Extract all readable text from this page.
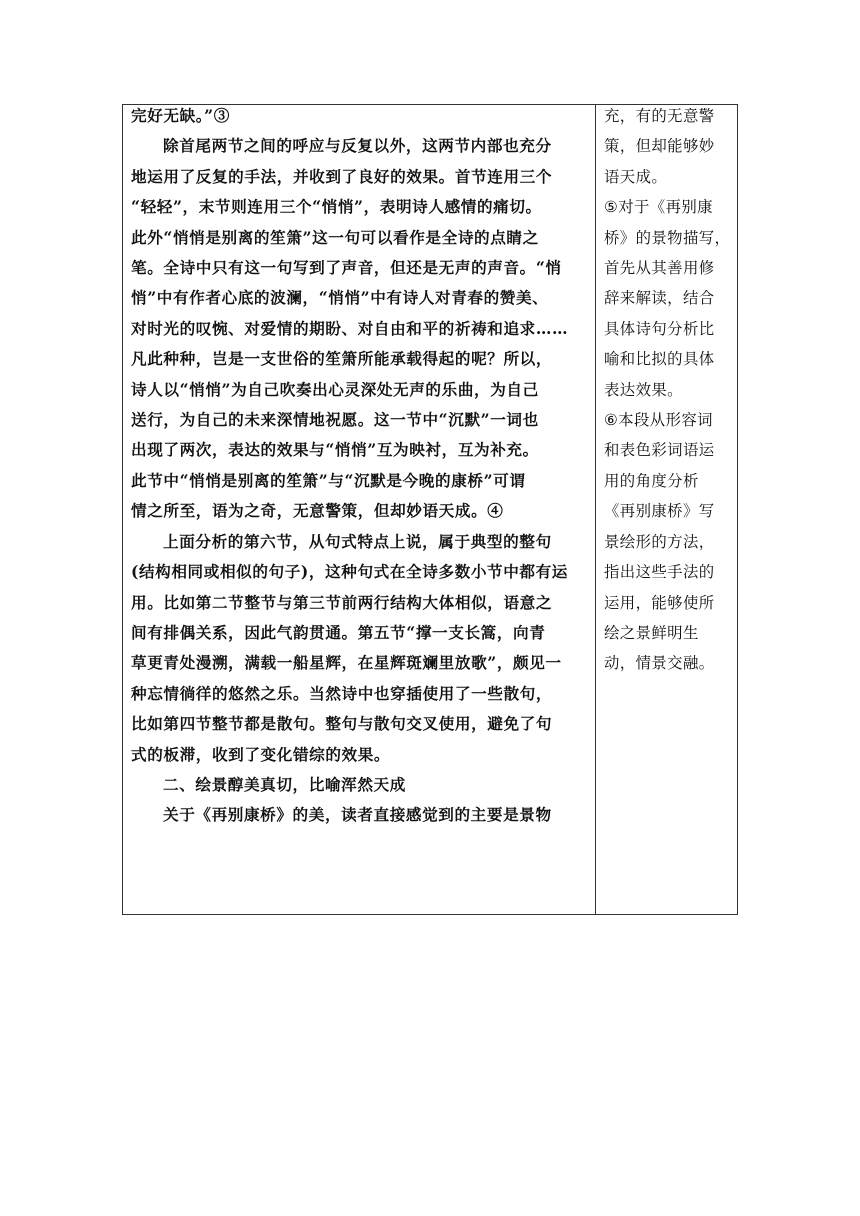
完好无缺。”③

除首尾两节之间的呼应与反复以外，这两节内部也充分

地运用了反复的手法，并收到了良好的效果。首节连用三个

“轻轻”，末节则连用三个“悄悄”，表明诗人感情的痛切。

此外“悄悄是别离的笙箫”这一句可以看作是全诗的点睛之

笔。全诗中只有这一句写到了声音，但还是无声的声音。“悄

悄”中有作者心底的波澜，“悄悄”中有诗人对青春的赞美、

对时光的叹惋、对爱情的期盼、对自由和平的祈祷和追求……

凡此种种，岂是一支世俗的笙箫所能承载得起的呢？所以，

诗人以“悄悄”为自己吹奏出心灵深处无声的乐曲，为自己

送行，为自己的未来深情地祝愿。这一节中“沉默”一词也

出现了两次，表达的效果与“悄悄”互为映衬，互为补充。

此节中“悄悄是别离的笙箫”与“沉默是今晚的康桥”可谓

情之所至，语为之奇，无意警策，但却妙语天成。④

上面分析的第六节，从句式特点上说，属于典型的整句

(结构相同或相似的句子)，这种句式在全诗多数小节中都有运

用。比如第二节整节与第三节前两行结构大体相似，语意之

间有排偶关系，因此气韵贯通。第五节“撑一支长篙，向青

草更青处漫溯，满载一船星辉，在星辉斑斓里放歌”，颇见一

种忘情徜徉的悠然之乐。当然诗中也穿插使用了一些散句，

比如第四节整节都是散句。整句与散句交叉使用，避免了句

式的板滞，收到了变化错综的效果。

二、绘景醇美真切，比喻浑然天成

关于《再别康桥》的美，读者直接感觉到的主要是景物

充，有的无意警

策，但却能够妙

语天成。

⑤对于《再别康

桥》的景物描写，

首先从其善用修

辞来解读，结合

具体诗句分析比

喻和比拟的具体

表达效果。

⑥本段从形容词

和表色彩词语运

用的角度分析

《再别康桥》写

景绘形的方法，

指出这些手法的

运用，能够使所

绘之景鲜明生

动，情景交融。
